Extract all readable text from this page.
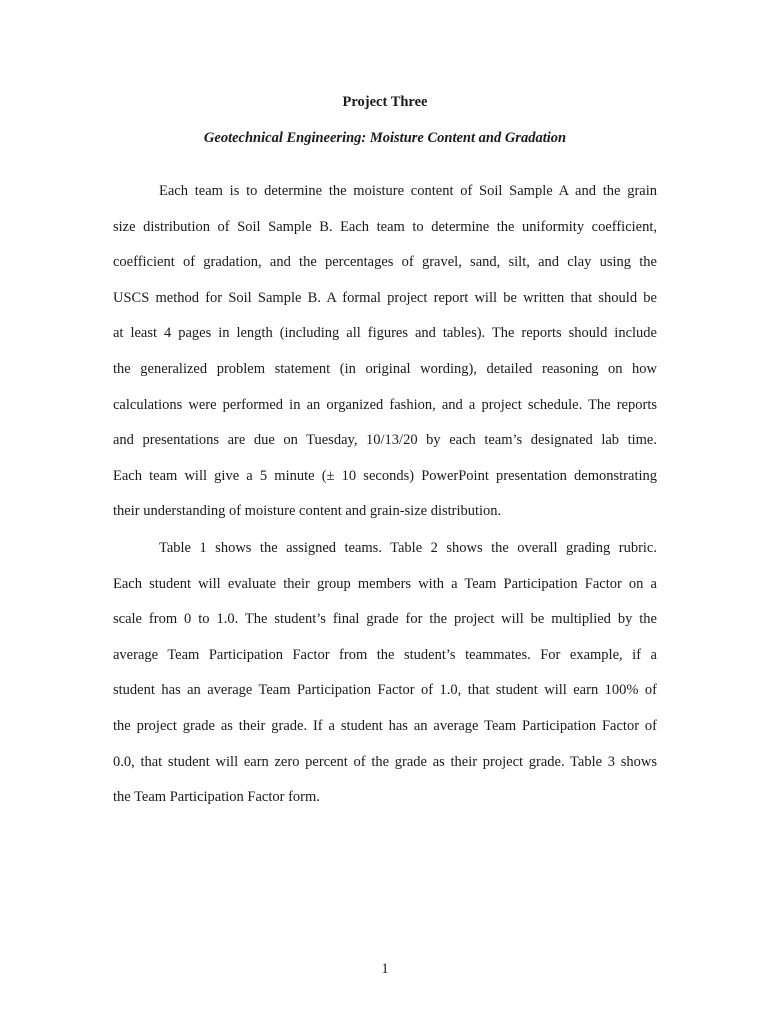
Project Three
Geotechnical Engineering: Moisture Content and Gradation
Each team is to determine the moisture content of Soil Sample A and the grain
size distribution of Soil Sample B. Each team to determine the uniformity coefficient,
coefficient of gradation, and the percentages of gravel, sand, silt, and clay using the
USCS method for Soil Sample B. A formal project report will be written that should be
at least 4 pages in length (including all figures and tables). The reports should include
the generalized problem statement (in original wording), detailed reasoning on how
calculations were performed in an organized fashion, and a project schedule. The reports
and presentations are due on Tuesday, 10/13/20 by each team’s designated lab time.
Each team will give a 5 minute (± 10 seconds) PowerPoint presentation demonstrating
their understanding of moisture content and grain-size distribution.
Table 1 shows the assigned teams. Table 2 shows the overall grading rubric.
Each student will evaluate their group members with a Team Participation Factor on a
scale from 0 to 1.0. The student’s final grade for the project will be multiplied by the
average Team Participation Factor from the student’s teammates. For example, if a
student has an average Team Participation Factor of 1.0, that student will earn 100% of
the project grade as their grade. If a student has an average Team Participation Factor of
0.0, that student will earn zero percent of the grade as their project grade. Table 3 shows
the Team Participation Factor form.
1
